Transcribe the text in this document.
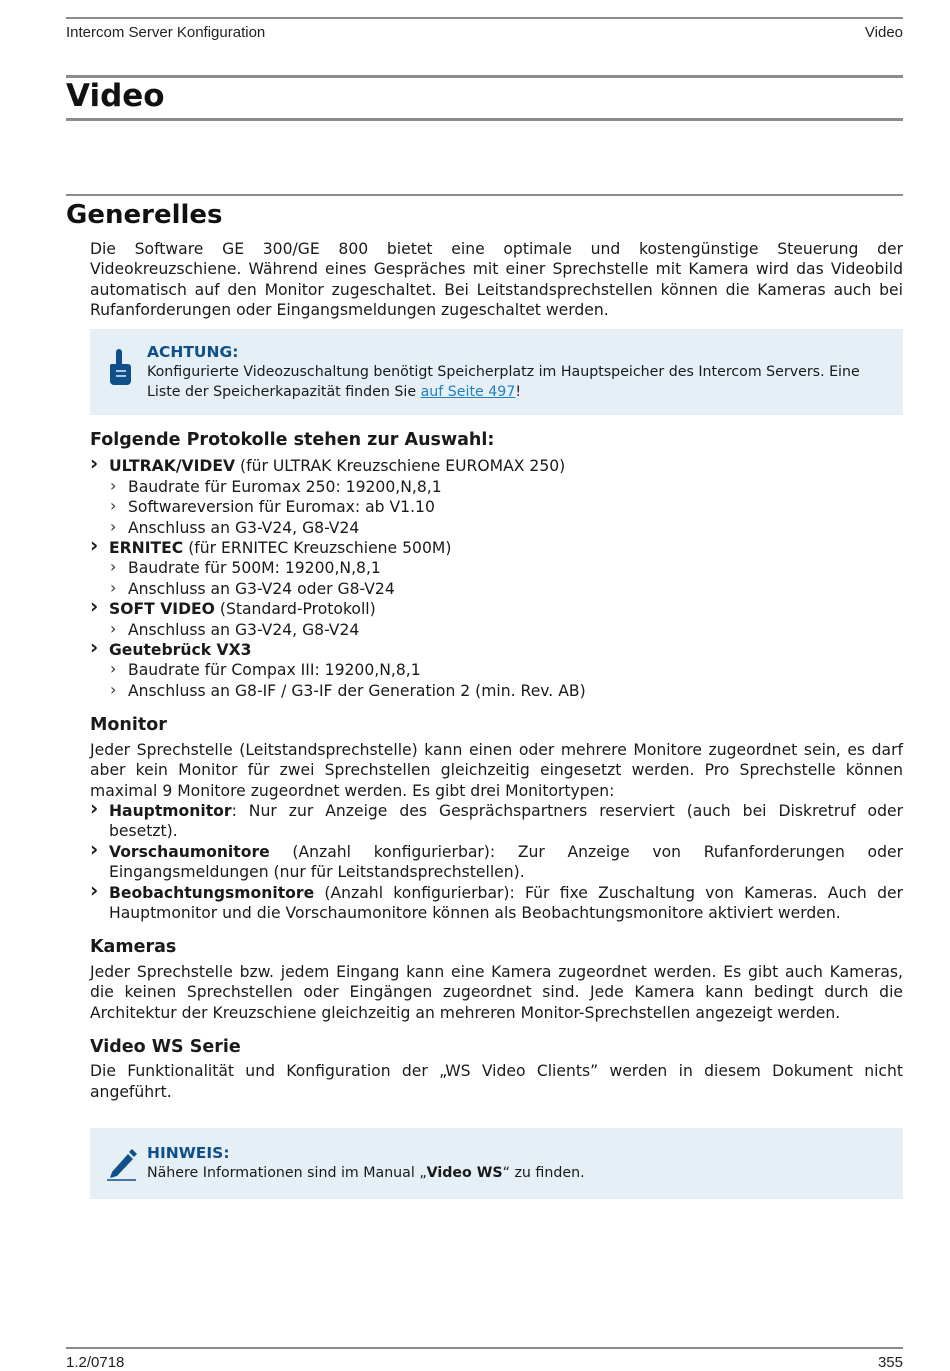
Intercom Server Konfiguration	Video
Video
Generelles

Die Software GE 300/GE 800 bietet eine optimale und kostengünstige Steuerung der Videokreuzschiene. Während eines Gespräches mit einer Sprechstelle mit Kamera wird das Videobild automatisch auf den Monitor zugeschaltet. Bei Leitstandsprechstellen können die Kameras auch bei Rufanforderungen oder Eingangsmeldungen zugeschaltet werden.

ACHTUNG:
Konfigurierte Videozuschaltung benötigt Speicherplatz im Hauptspeicher des Intercom Servers. Eine Liste der Speicherkapazität finden Sie auf Seite 497!
Folgende Protokolle stehen zur Auswahl:
› ULTRAK/VIDEV (für ULTRAK Kreuzschiene EUROMAX 250)
› Baudrate für Euromax 250: 19200,N,8,1
› Softwareversion für Euromax: ab V1.10
› Anschluss an G3-V24, G8-V24
› ERNITEC (für ERNITEC Kreuzschiene 500M)
› Baudrate für 500M: 19200,N,8,1
› Anschluss an G3-V24 oder G8-V24
› SOFT VIDEO (Standard-Protokoll)
› Anschluss an G3-V24, G8-V24
› Geutebrück VX3
› Baudrate für Compax III: 19200,N,8,1
› Anschluss an G8-IF / G3-IF der Generation 2 (min. Rev. AB)
Monitor

Jeder Sprechstelle (Leitstandsprechstelle) kann einen oder mehrere Monitore zugeordnet sein, es darf aber kein Monitor für zwei Sprechstellen gleichzeitig eingesetzt werden. Pro Sprechstelle können maximal 9 Monitore zugeordnet werden. Es gibt drei Monitortypen:

› Hauptmonitor: Nur zur Anzeige des Gesprächspartners reserviert (auch bei Diskretruf oder besetzt).

› Vorschaumonitore (Anzahl konfigurierbar): Zur Anzeige von Rufanforderungen oder Eingangsmeldungen (nur für Leitstandsprechstellen).

› Beobachtungsmonitore (Anzahl konfigurierbar): Für fixe Zuschaltung von Kameras. Auch der Hauptmonitor und die Vorschaumonitore können als Beobachtungsmonitore aktiviert werden.

Kameras

Jeder Sprechstelle bzw. jedem Eingang kann eine Kamera zugeordnet werden. Es gibt auch Kameras, die keinen Sprechstellen oder Eingängen zugeordnet sind. Jede Kamera kann bedingt durch die Architektur der Kreuzschiene gleichzeitig an mehreren Monitor-Sprechstellen angezeigt werden.

Video WS Serie

Die Funktionalität und Konfiguration der „WS Video Clients” werden in diesem Dokument nicht angeführt.

HINWEIS:
Nähere Informationen sind im Manual „Video WS“ zu finden.
1.2/0718	355
